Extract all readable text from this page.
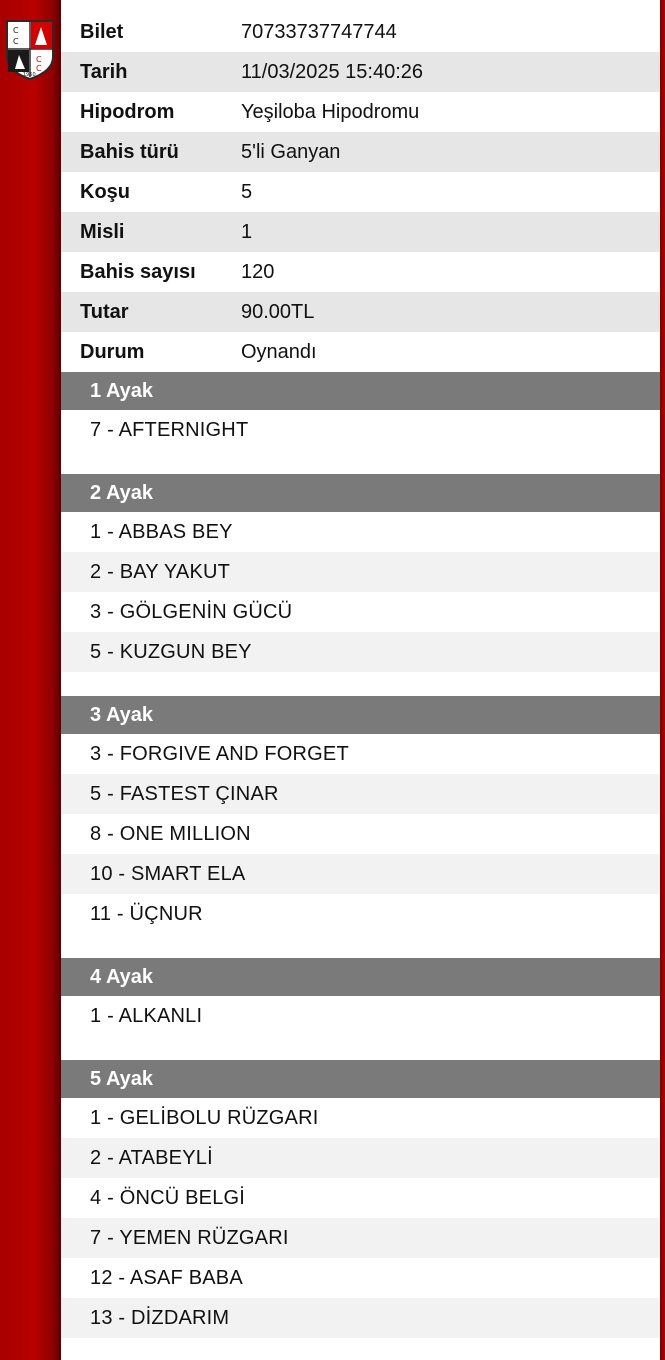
C
C
C
C
1950
Bilet	70733737747744
Tarih	11/03/2025 15:40:26
Hipodrom	Yeşiloba Hipodromu
Bahis türü	5'li Ganyan
Koşu	5
Misli	1
Bahis sayısı	120
Tutar	90.00TL
Durum	Oynandı
1 Ayak
7 - AFTERNIGHT
2 Ayak
1 - ABBAS BEY
2 - BAY YAKUT
3 - GÖLGENİN GÜCÜ
5 - KUZGUN BEY
3 Ayak
3 - FORGIVE AND FORGET
5 - FASTEST ÇINAR
8 - ONE MILLION
10 - SMART ELA
11 - ÜÇNUR
4 Ayak
1 - ALKANLI
5 Ayak
1 - GELİBOLU RÜZGARI
2 - ATABEYLİ
4 - ÖNCÜ BELGİ
7 - YEMEN RÜZGARI
12 - ASAF BABA
13 - DİZDARIM
